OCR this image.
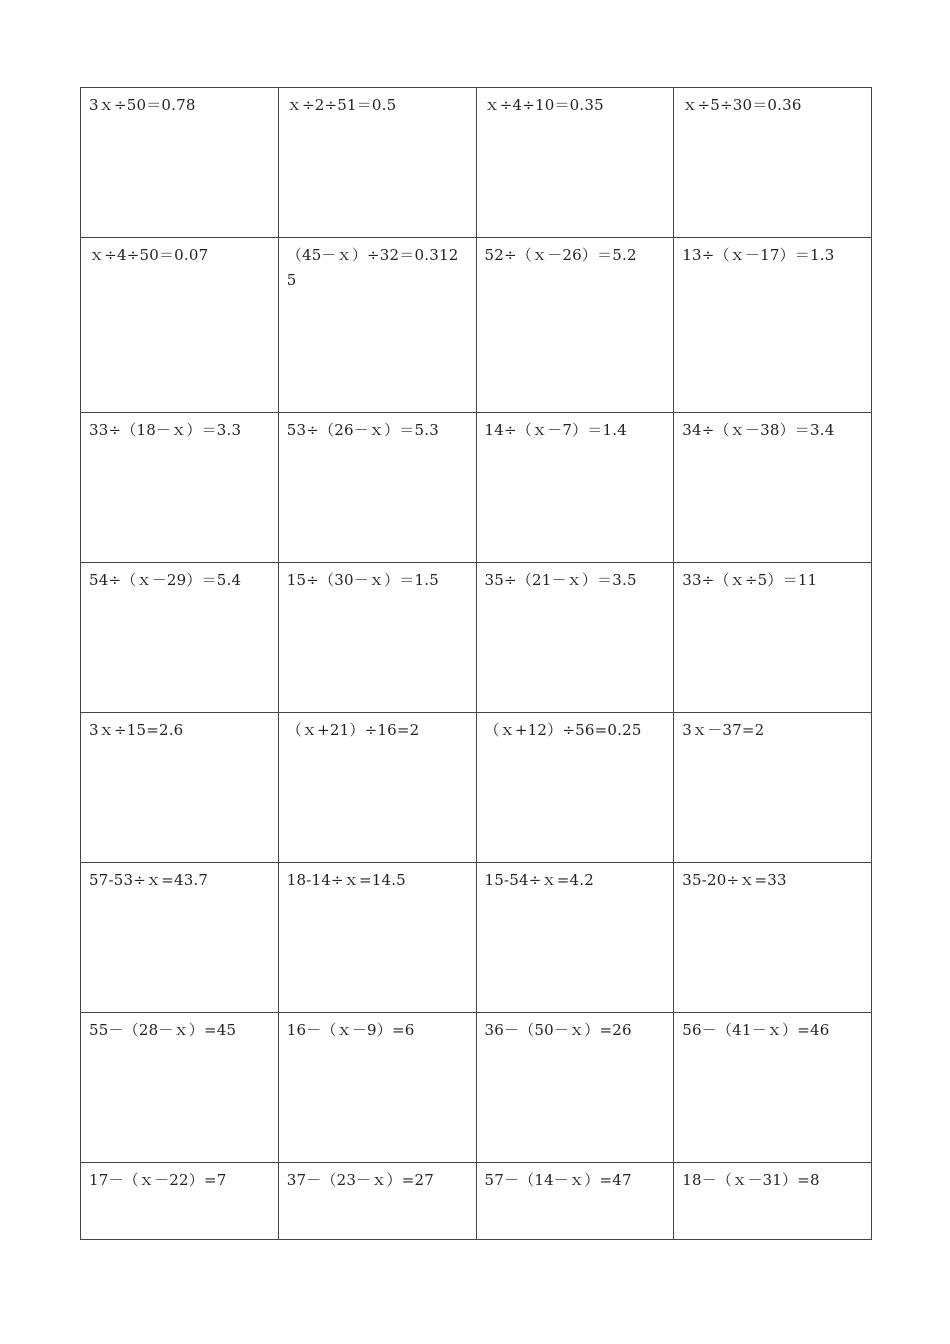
3ｘ÷50＝0.78	ｘ÷2÷51＝0.5	ｘ÷4÷10＝0.35	ｘ÷5÷30＝0.36
ｘ÷4÷50＝0.07	（45－ｘ）÷32＝0.3125	52÷（ｘ－26）＝5.2	13÷（ｘ－17）＝1.3
33÷（18－ｘ）＝3.3	53÷（26－ｘ）＝5.3	14÷（ｘ－7）＝1.4	34÷（ｘ－38）＝3.4
54÷（ｘ－29）＝5.4	15÷（30－ｘ）＝1.5	35÷（21－ｘ）＝3.5	33÷（ｘ÷5）＝11
3ｘ÷15=2.6	（ｘ+21）÷16=2	（ｘ+12）÷56=0.25	3ｘ－37=2
57-53÷ｘ=43.7	18-14÷ｘ=14.5	15-54÷ｘ=4.2	35-20÷ｘ=33
55－（28－ｘ）=45	16－（ｘ－9）=6	36－（50－ｘ）=26	56－（41－ｘ）=46
17－（ｘ－22）=7	37－（23－ｘ）=27	57－（14－ｘ）=47	18－（ｘ－31）=8
